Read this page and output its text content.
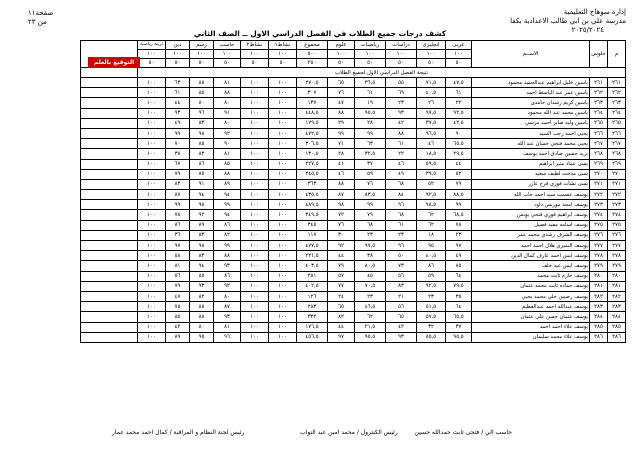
إدارة سوهاج التعليمية
مدرسة علي بن ابي طالب الاعدادية بكفا
٢٠٢٥/٢٠٢٤
صفحة١١
من ٢٣
كشف درجات جميع الطلاب في الفصل الدراسي الاول ــ الصف الثاني
م	جلوس	الاســم	عربى	انجليزى	دراسات	رياضيات	علوم	مجموع	نشاط١	نشاط٢	حاسب	رسم	دين	تربية رياضية	
			١٠٠	١٠٠	١٠٠	١٠٠	١٠٠	٥٠٠	١٠٠	١٠٠	١٠٠	١٠٠	١٠٠	١٠٠	
			٥٠	٥٠	٥٠	٥٠	٥٠	٢٥٠	٥٠	٥٠	٥٠	٥٠	٥٠	٥٠	
نتيجة الفصل الدراسي الاول لجميع الطلاب															
٢٦١	٢٦١	ياسين خليل ابراهيم عبدالحميد محمود	٤٧,٥	٧١,٥	٥٥	٣٦,٥	٦٥	٢٧٠,٥	١٠٠	١٠٠	٨١	٨٥	٦٣	١٠٠	
٢٦٢	٢٦٢	ياسين عمر عبد الباسط احمد	٦١	٤٠,٥	٦٩	٦١	٧٦	٣٠٧	١٠٠	١٠٠	٨٨	٨٥	٦١	١٠٠	
٢٦٣	٢٦٣	ياسين كريم رشدان حامدى	٢٢	٢٦	٢٣	١٩	٤٧	١٣٧	١٠٠	١٠٠	٨٠	٨٠	٤٤	١٠٠	
٢٦٤	٢٦٤	ياسين محمد عبد الله محمود	٩٢,٥	٩٧,٥	٩٣	٩٥,٥	٨٨	٤٤٨,٥	١٠٠	١٠٠	٩١	٩٦	٩٣	١٠٠	
٢٦٥	٢٦٥	ياسين وليد صابر احمد مرسي	٤٢,٥	٣٧,٥	٤٢	٢٨	٢٩	١٧٩,٥	١٠٠	١٠٠	٨٠	٨٣	٤٩	١٠٠	
٢٦٦	٢٦٦	يحيى احمد رجب السيد	٩٠	٩٦,٥	٨٨	٩٩	٩٩	٤٧٢,٥	١٠٠	١٠٠	٩٢	٩٨	٩٩	١٠٠	
٢٦٧	٢٦٧	يحيى محمد فتحي حسان عبد الله	٦٥,٥	٤٦	٦١	٦٣	٧١	٣٠٦,٥	١٠٠	١٠٠	٩٠	٨٥	٧٠	١٠٠	
٢٦٨	٢٦٨	يزيد حسين صادق احمد يوسف	٢٩,٥	١٨,٥	٢٢	٣٢,٥	٢٨	١٣٠,٥	١٠٠	١٠٠	٨١	٨٣	٣٨	١٠٠	
٢٦٩	٢٦٩	يسى عماد منير ابراهيم	٤٤	٥٩,٥	٤٦	٣٧	٤١	٢٢٧,٥	١٠٠	١٠٠	٨٥	٨٦	٦٧	١٠٠	
٢٧٠	٢٧٠	يسى مدحت لطيف سعيد	٥٢	٣٩,٥	٤٩	٥٩	٤٦	٢٤٥,٥	١٠٠	١٠٠	٨٨	٨٥	٧٩	١٠٠	
٢٧١	٢٧١	يسى نشأت فوزي فرج عازر	٧٩	٥٢	٦٨	٧٦	٨٨	٣٦٣	١٠٠	١٠٠	٨٩	٩١	٨٣	١٠٠	
٢٧٢	٢٧٢	يوسف عصمت سيد احمد جاب الله	٨٨,٥	٩٢,٥	٨٤	٨٣,٥	٨٧	٤٣٥,٥	١٠٠	١٠٠	٩٤	٩٤	٨٧	١٠٠	
٢٧٣	٢٧٣	يوسف امجد موريس داود	٩٩	٩٨,٥	٩٦	٩٩	٩٨	٤٨٩,٥	١٠٠	١٠٠	٩٩	٩٨	٩٩	١٠٠	
٢٧٤	٢٧٤	يوسف ابراهيم فوزي فتحي يونس	٦٨,٥	٦٢	٦٨	٧٩	٧٢	٣٤٩,٥	١٠٠	١٠٠	٩٤	٩٢	٧٨	١٠٠	
٢٧٥	٢٧٥	يوسف اسامه مفيد فضيل	٧٨	٦٢	٦١	٦٨	٧٦	٣٤٥	١٠٠	١٠٠	٨٦	٨٩	٨٦	١٠٠	
٢٧٦	٢٧٦	يوسف الشرف رشدي محمد عمر	٢٣	١٨	٢٣	٢٣	٣٠	١١٧	١٠٠	١٠٠	٨٢	٨٣	٣٦	١٠٠	
٢٧٧	٢٧٧	يوسف النميري هلال احمد احمد	٩٧	٩٥	٩٦	٩٧,٥	٩٢	٤٧٧,٥	١٠٠	١٠٠	٩٩	٩٨	٩٧	١٠٠	
٢٧٨	٢٧٨	يوسف ايمن احمد عارف كمال الدين	٤٩	٤٠,٥	٥٠	٣٨	٤٤	٢٢١,٥	١٠٠	١٠٠	٨٨	٨٣	٥٨	١٠٠	
٢٧٩	٢٧٩	يوسف ايمن عيد خلف	٨٥	٨٦	٧٣	٨٠,٥	٧٩	٤٠٣,٥	١٠٠	١٠٠	٩٣	٩٤	٨١	١٠٠	
٢٨٠	٢٨٠	يوسف حازم ثابت محمد	٦٤	٥٩	٥٦	٤٥	٥٧	٢٨١	١٠٠	١٠٠	٨٦	٨٥	٥٦	١٠٠	
٢٨١	٢٨١	يوسف حماده ثابت محمد عثمان	٧٩,٥	٩٢,٥	٨٣	٧٠,٥	٧٧	٤٠٢,٥	١٠٠	١٠٠	٩٢	٩٣	٧٩	١٠٠	
٢٨٢	٢٨٢	يوسف رضيبن حلي محمد يحيي	٣٥	٢٣	٢١	٢٣	٢٤	١٢٦	١٠٠	١٠٠	٨٠	٨٢	٤٧	١٠٠	
٢٨٣	٢٨٣	يوسف عبدالله احمد عبدالعظيم	٦٤	٥١,٥	٥٦	٤٦,٥	٦٥	٢٨٣	١٠٠	١٠٠	٨٧	٨٥	٧٥	١٠٠	
٢٨٤	٢٨٤	يوسف عثمان حسن علي عثمان	٦٥,٥	٥٧,٥	٦٥	٦٢	٨٢	٣٣٢	١٠٠	١٠٠	٩٣	٨٨	٨٥	١٠٠	
٢٨٥	٢٨٥	يوسف علاء احمد احمد	٣٧	٣٢	٤٢	٢١,٥	٤٤	١٧٦,٥	١٠٠	١٠٠	٨١	٨٠	٤٢	١٠٠	
٢٨٦	٢٨٦	يوسف علاء محمد سليمان	٩٥,٥	٨٥,٥	٩٣	٩٥,٥	٩٧	٤٥٦,٥	١٠٠	١٠٠	٩٦	٩٥	٨٩	١٠٠	
التوقيع بالعلم
حاسب الي / فتحى ثابت حمدالله حسين
رئيس الكنترول / محمد امين عبد التواب
رئيس لجنة النظام و المراقبة / كمال احمد محمد عمار
